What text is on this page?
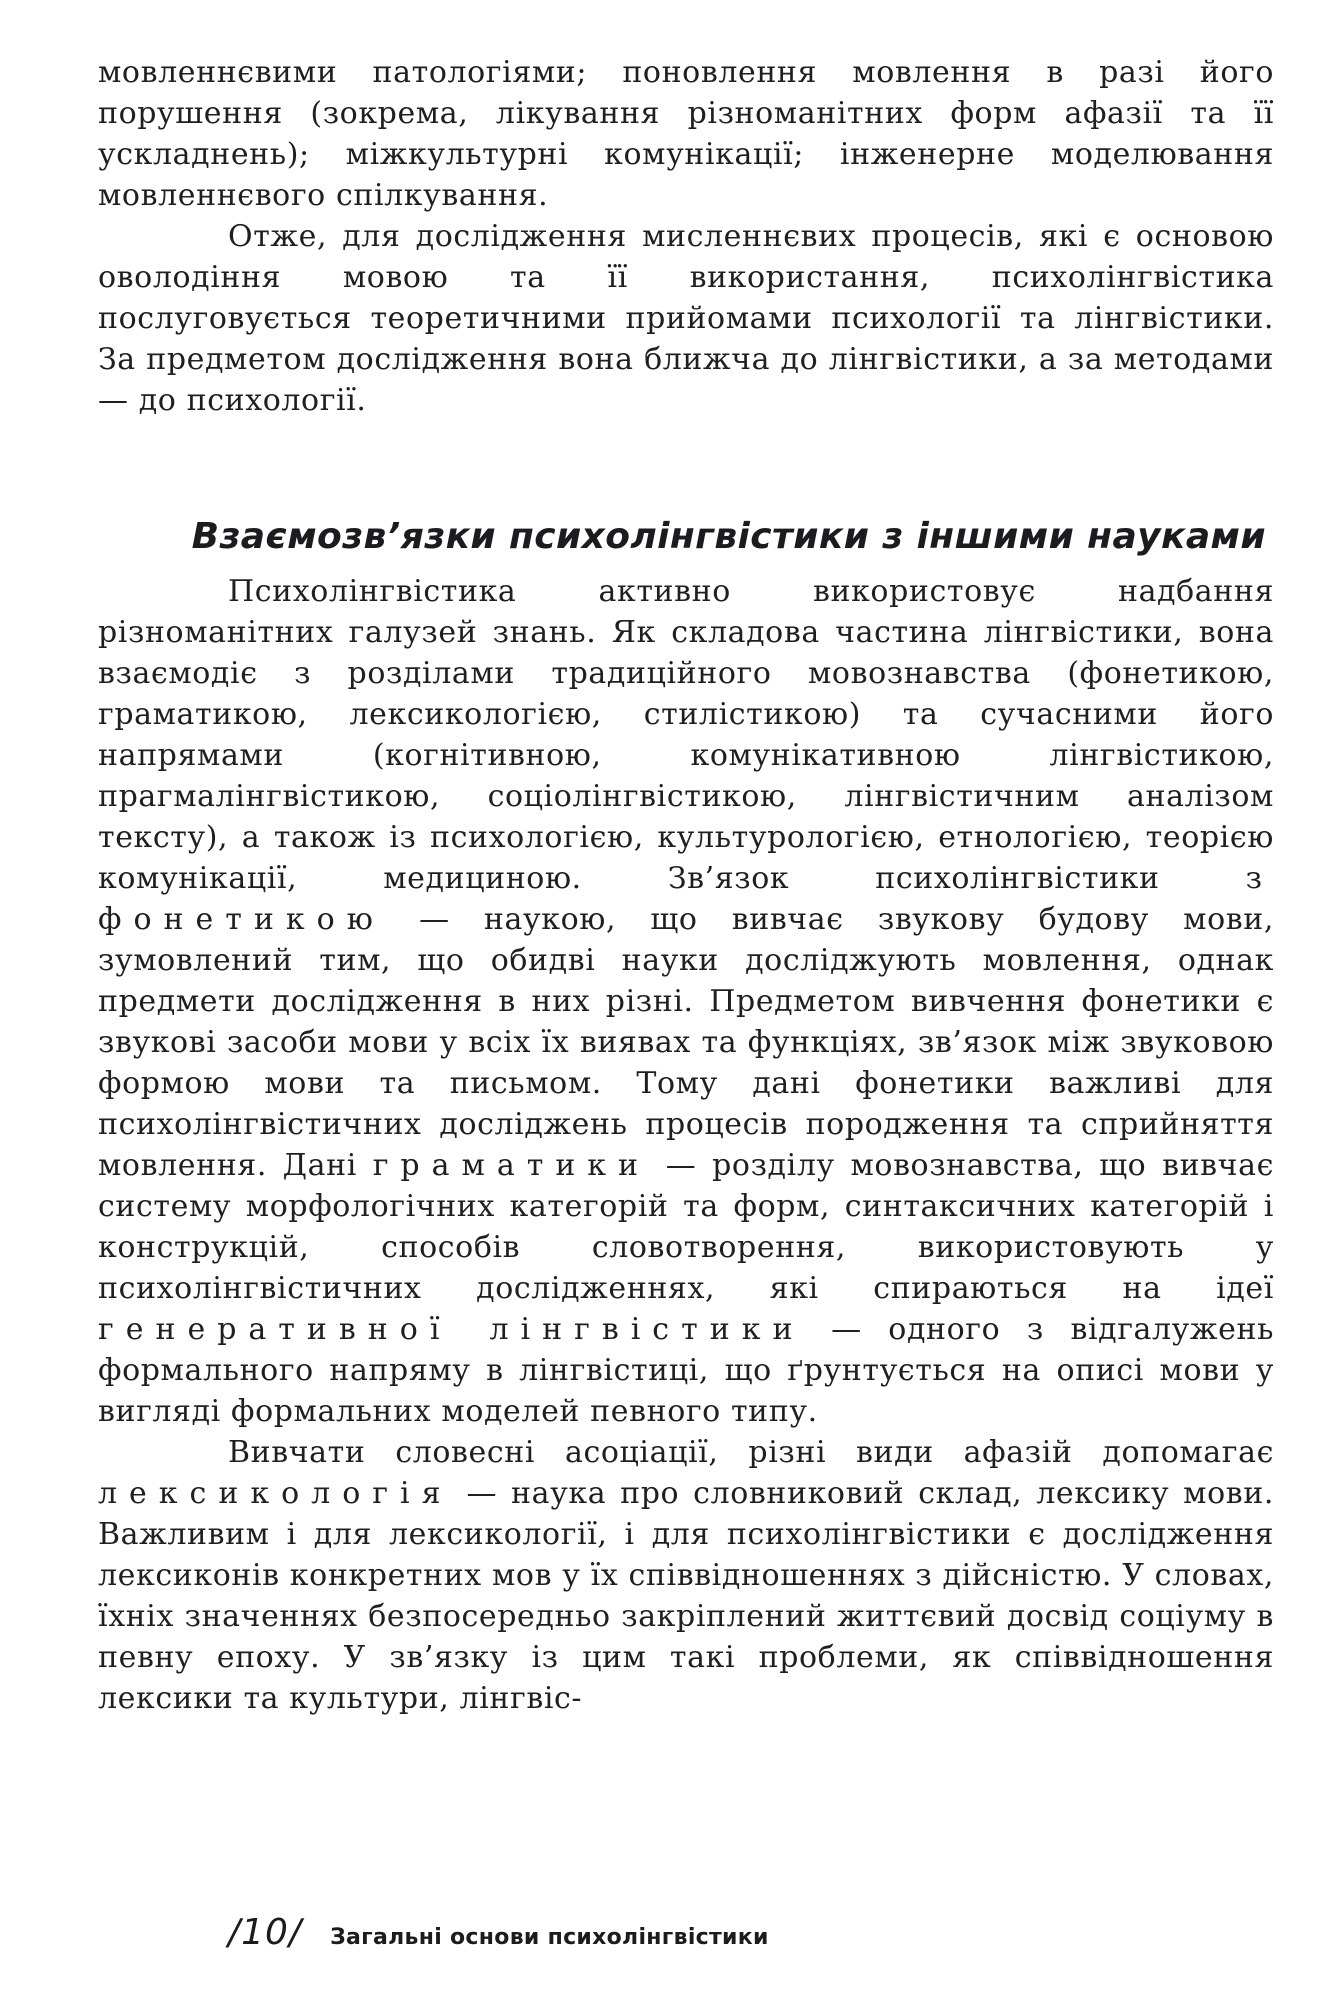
мовленнєвими патологіями; поновлення мовлення в разі його порушення (зокрема, лікування різноманітних форм афазії та її ускладнень); міжкультурні комунікації; інженерне моделювання мовленнєвого спілкування.

Отже, для дослідження мисленнєвих процесів, які є основою оволодіння мовою та її використання, психолінгвістика послуговується теоретичними прийомами психології та лінгвістики. За предметом дослідження вона ближча до лінгвістики, а за методами — до психології.

Взаємозв’язки психолінгвістики з іншими науками

Психолінгвістика активно використовує надбання різноманітних галузей знань. Як складова частина лінгвістики, вона взаємодіє з розділами традиційного мовознавства (фонетикою, граматикою, лексикологією, стилістикою) та сучасними його напрямами (когнітивною, комунікативною лінгвістикою, прагмалінгвістикою, соціолінгвістикою, лінгвістичним аналізом тексту), а також із психологією, культурологією, етнологією, теорією комунікації, медициною. Зв’язок психолінгвістики	з фонетикою — наукою, що вивчає звукову будову мови, зумовлений тим, що обидві науки досліджують мовлення, однак предмети дослідження в них різні. Предметом вивчення фонетики є звукові засоби мови у всіх їх виявах та функціях, зв’язок між звуковою формою мови та письмом. Тому дані фонетики важливі для психолінгвістичних досліджень процесів породження та сприйняття мовлення. Дані граматики — розділу мовознавства, що вивчає систему морфологічних категорій та форм, синтаксичних категорій і конструкцій, способів словотворення, використовують у психолінгвістичних дослідженнях, які спираються на ідеї генеративної лінгвістики — одного з відгалужень формального напряму в лінгвістиці, що ґрунтується на описі мови у вигляді формальних моделей певного типу.

Вивчати словесні асоціації, різні види афазій допомагає лексикологія — наука про словниковий склад, лексику мови. Важливим і для лексикології, і для психолінгвістики є дослідження лексиконів конкретних мов у їх співвідношеннях з дійсністю. У словах, їхніх значеннях безпосередньо закріплений життєвий досвід соціуму в певну епоху. У зв’язку із цим такі проблеми, як співвідношення лексики та культури, лінгвіс-

/10/ Загальні основи психолінгвістики
